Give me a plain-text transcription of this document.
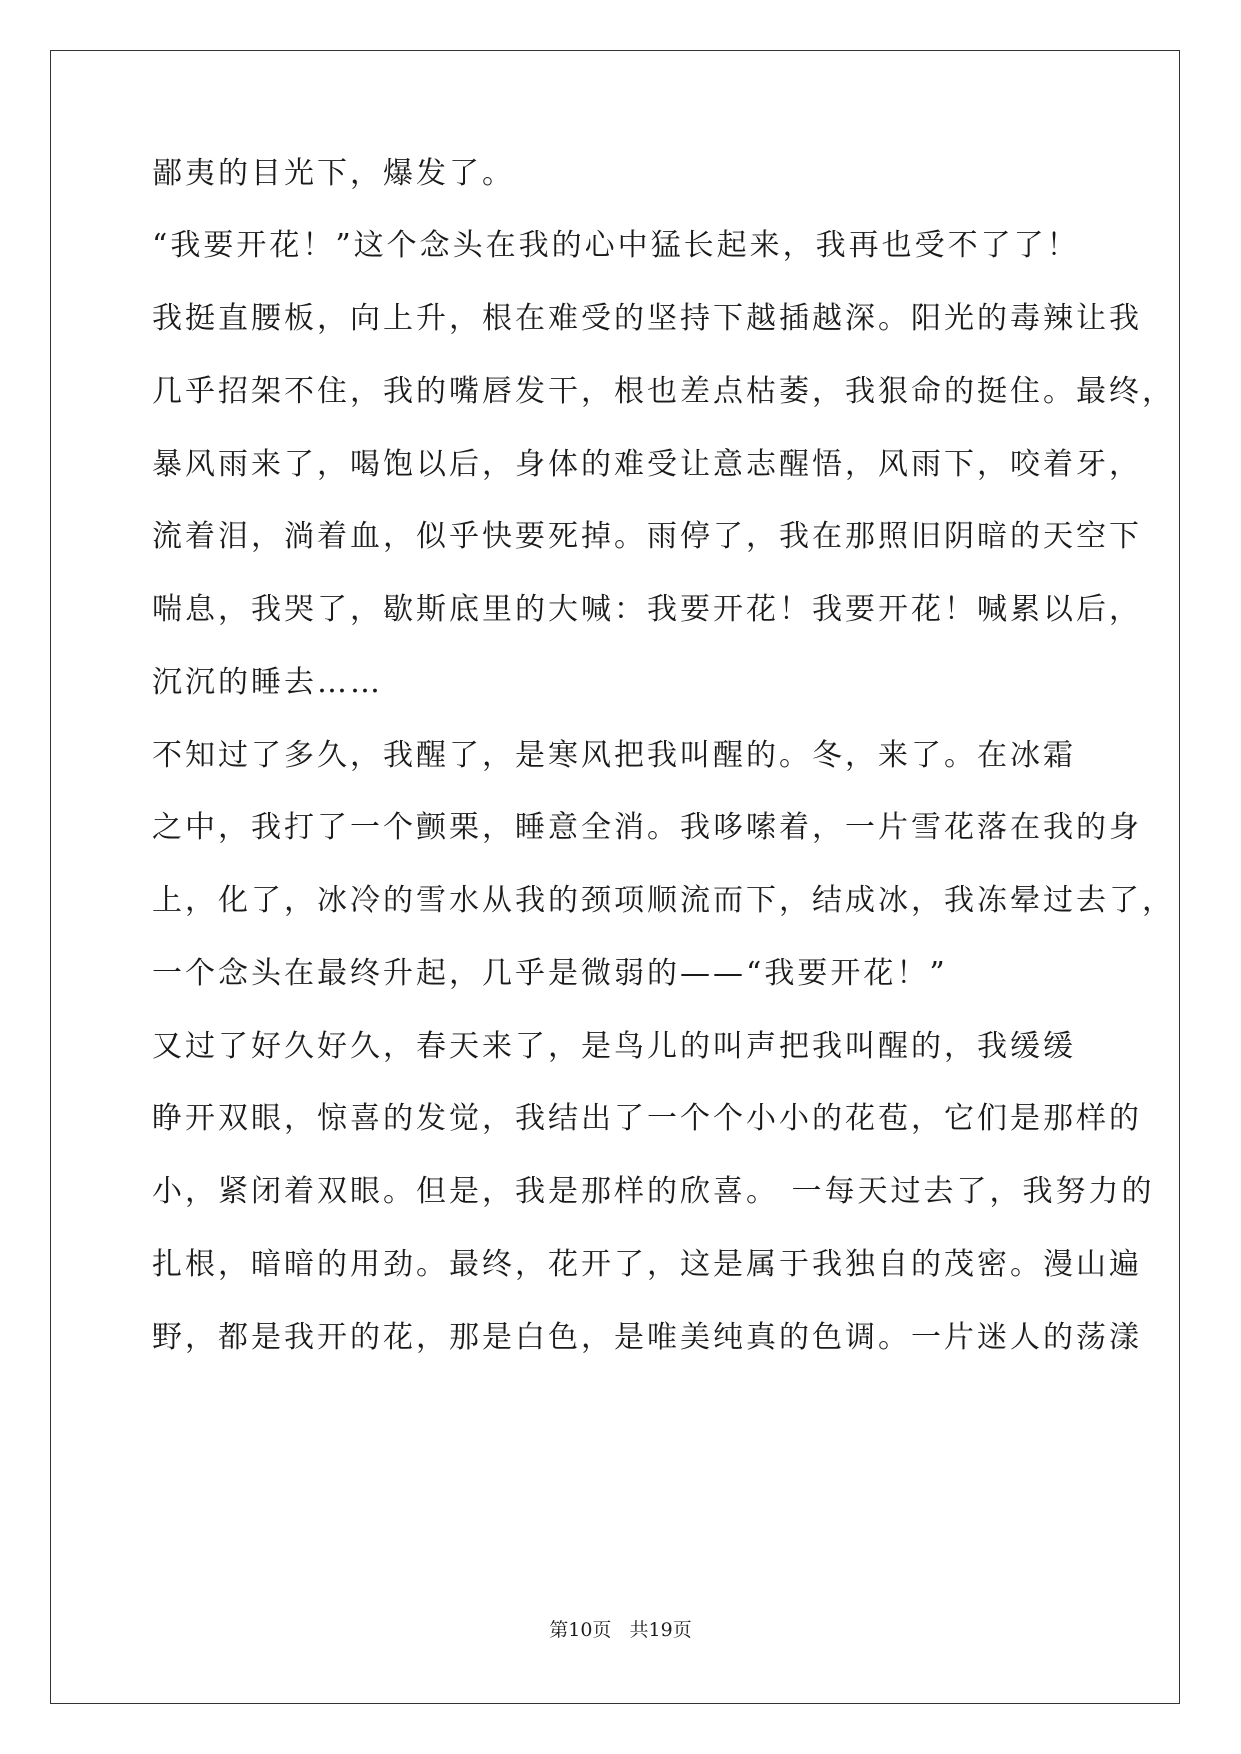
鄙夷的目光下，爆发了。
“我要开花！”这个念头在我的心中猛长起来，我再也受不了了！
我挺直腰板，向上升，根在难受的坚持下越插越深。阳光的毒辣让我
几乎招架不住，我的嘴唇发干，根也差点枯萎，我狠命的挺住。最终，
暴风雨来了，喝饱以后，身体的难受让意志醒悟，风雨下，咬着牙，
流着泪，淌着血，似乎快要死掉。雨停了，我在那照旧阴暗的天空下
喘息，我哭了，歇斯底里的大喊：我要开花！我要开花！喊累以后，
沉沉的睡去……
不知过了多久，我醒了，是寒风把我叫醒的。冬，来了。在冰霜
之中，我打了一个颤栗，睡意全消。我哆嗦着，一片雪花落在我的身
上，化了，冰冷的雪水从我的颈项顺流而下，结成冰，我冻晕过去了，
一个念头在最终升起，几乎是微弱的——“我要开花！”
又过了好久好久，春天来了，是鸟儿的叫声把我叫醒的，我缓缓
睁开双眼，惊喜的发觉，我结出了一个个小小的花苞，它们是那样的
小，紧闭着双眼。但是，我是那样的欣喜。 一每天过去了，我努力的
扎根，暗暗的用劲。最终，花开了，这是属于我独自的茂密。漫山遍
野，都是我开的花，那是白色，是唯美纯真的色调。一片迷人的荡漾
第10页   共19页
